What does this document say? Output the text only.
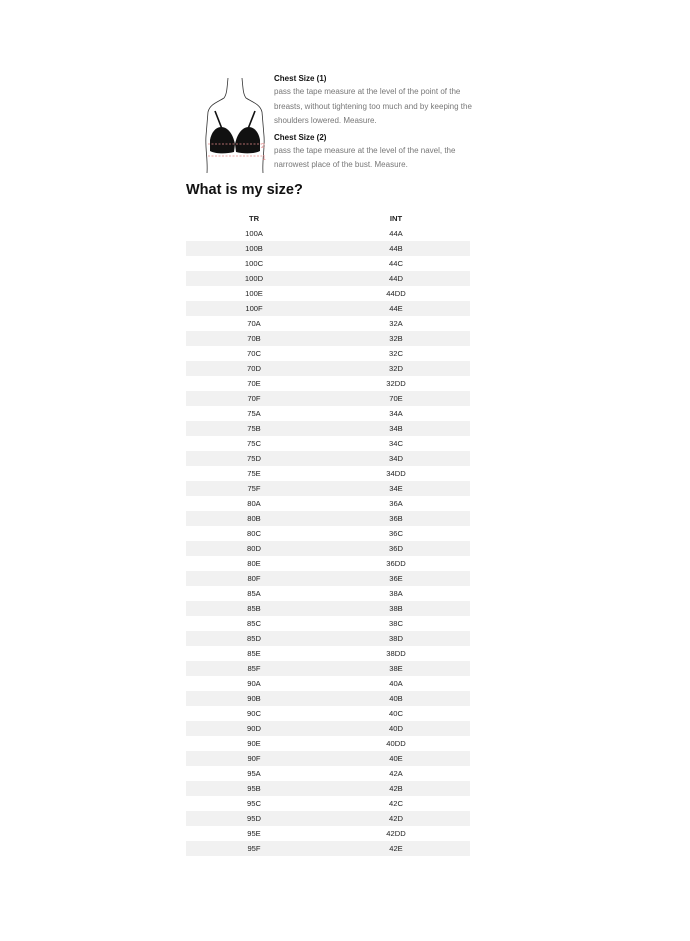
2
1

Chest Size (1)

pass the tape measure at the level of the point of the breasts, without tightening too much and by keeping the shoulders lowered. Measure.

Chest Size (2)

pass the tape measure at the level of the navel, the narrowest place of the bust. Measure.

What is my size?
TR	INT
100A	44A
100B	44B
100C	44C
100D	44D
100E	44DD
100F	44E
70A	32A
70B	32B
70C	32C
70D	32D
70E	32DD
70F	70E
75A	34A
75B	34B
75C	34C
75D	34D
75E	34DD
75F	34E
80A	36A
80B	36B
80C	36C
80D	36D
80E	36DD
80F	36E
85A	38A
85B	38B
85C	38C
85D	38D
85E	38DD
85F	38E
90A	40A
90B	40B
90C	40C
90D	40D
90E	40DD
90F	40E
95A	42A
95B	42B
95C	42C
95D	42D
95E	42DD
95F	42E
